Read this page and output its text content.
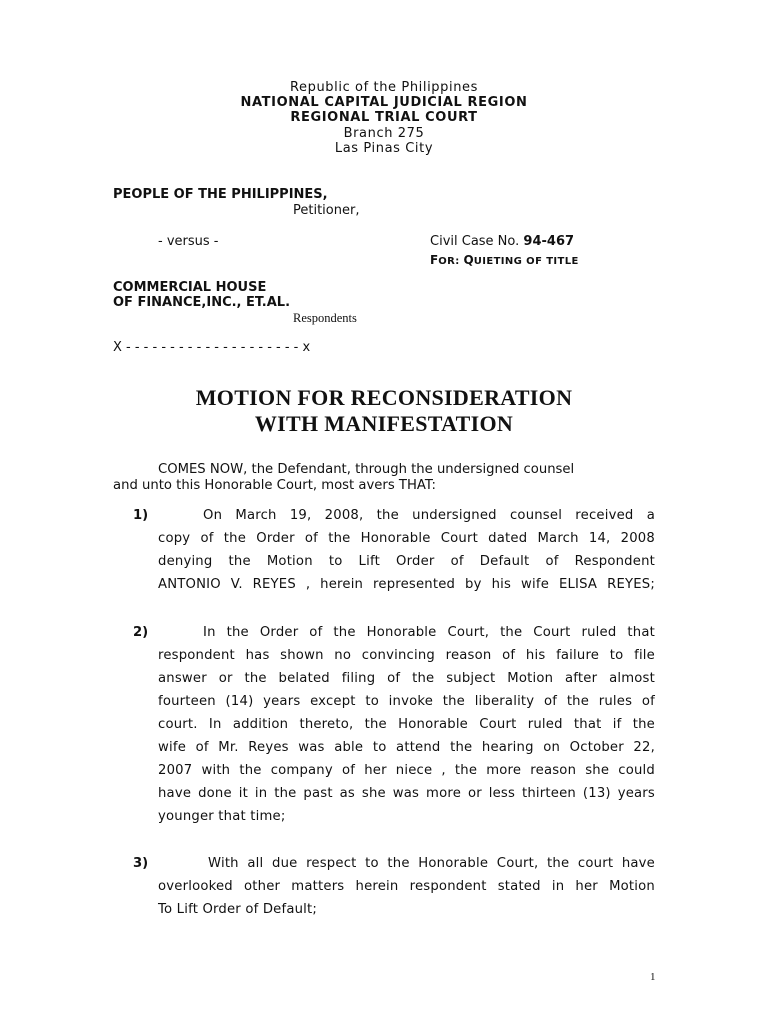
Republic of the Philippines
NATIONAL CAPITAL JUDICIAL REGION
REGIONAL TRIAL COURT
Branch 275
Las Pinas City
PEOPLE OF THE PHILIPPINES,
Petitioner,
- versus -	Civil Case No. 94-467
FOR: QUIETING OF TITLE
COMMERCIAL HOUSE
OF FINANCE,INC., ET.AL.
Respondents
X - - - - - - - - - - - - - - - - - - - - x
MOTION FOR RECONSIDERATION
WITH MANIFESTATION
COMES NOW, the Defendant, through the undersigned counsel
and unto this Honorable Court, most avers THAT:
1)	On March 19, 2008, the undersigned counsel received a
copy of the Order of the Honorable Court dated March 14, 2008
denying the Motion to Lift Order of Default of Respondent
ANTONIO V. REYES , herein represented by his wife ELISA REYES;
2)	In the Order of the Honorable Court, the Court ruled that
respondent has shown no convincing reason of his failure to file
answer or the belated filing of the subject Motion after almost
fourteen (14) years except to invoke the liberality of the rules of
court. In addition thereto, the Honorable Court ruled that if the
wife of Mr. Reyes was able to attend the hearing on October 22,
2007 with the company of her niece , the more reason she could
have done it in the past as she was more or less thirteen (13) years
younger that time;
3)	With all due respect to the Honorable Court, the court have
overlooked other matters herein respondent stated in her Motion
To Lift Order of Default;
1
